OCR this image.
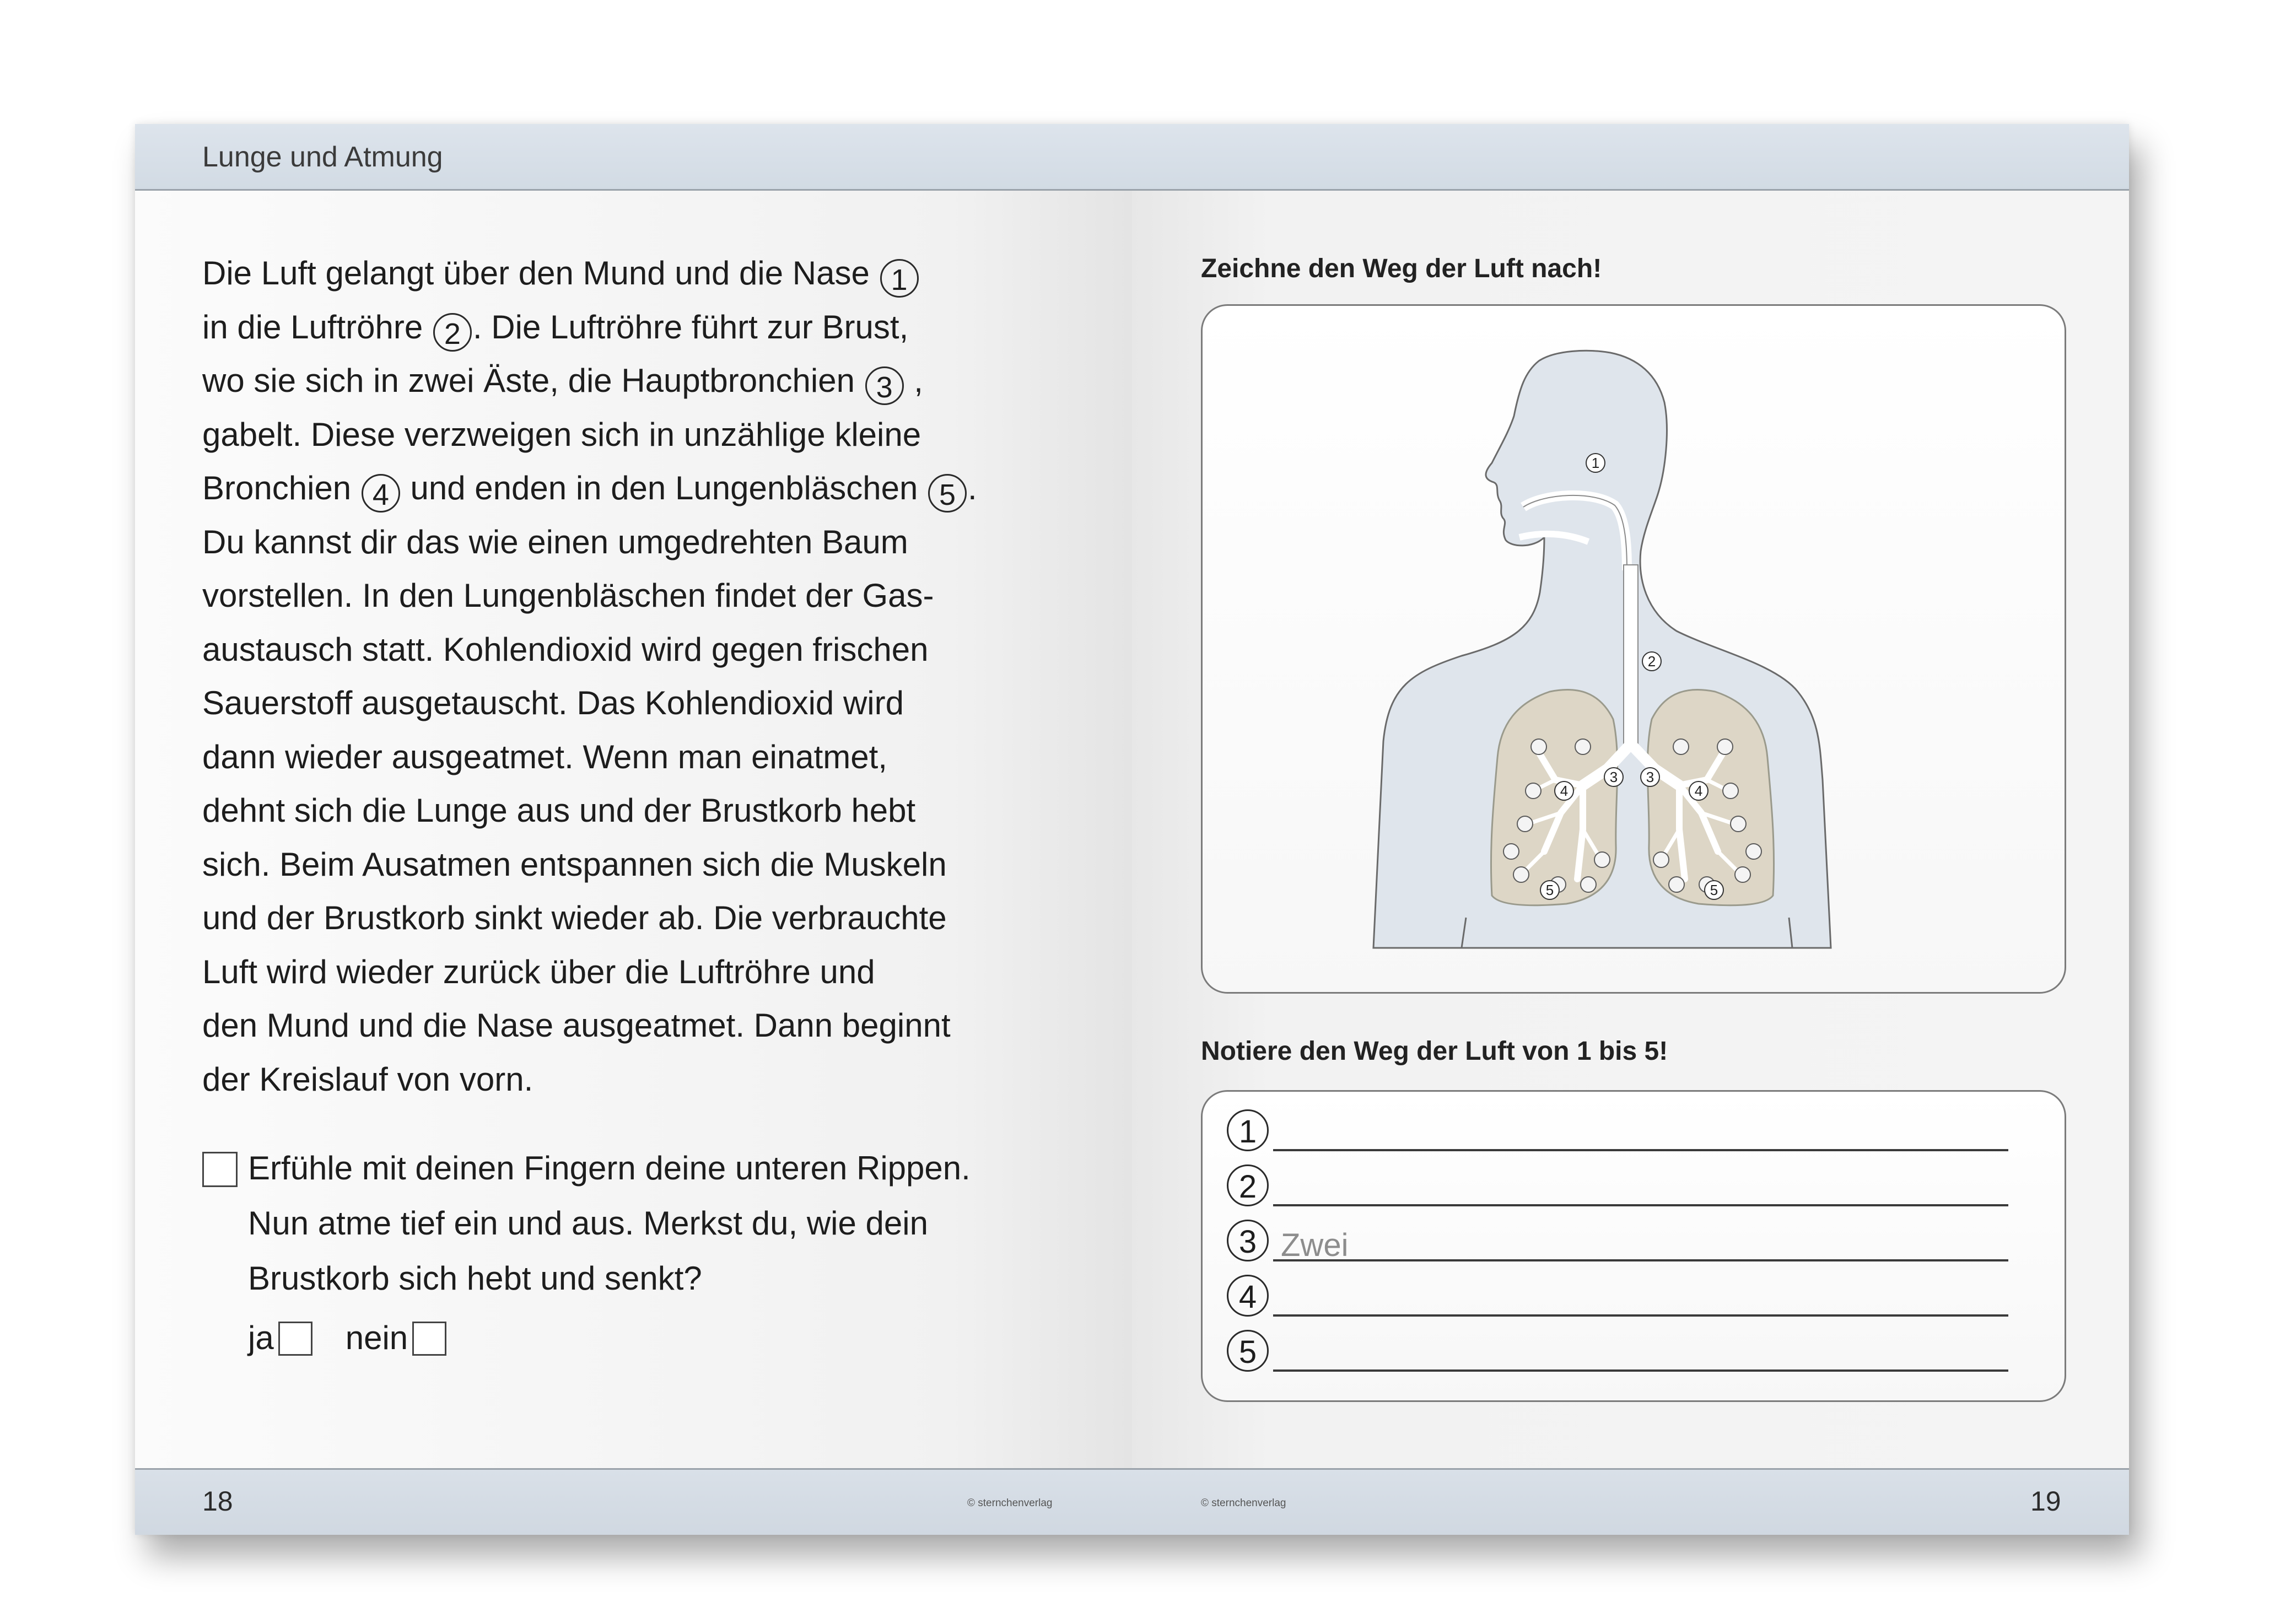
Lunge und Atmung

Die Luft gelangt über den Mund und die Nase 1

in die Luftröhre 2 . Die Luftröhre führt zur Brust,

wo sie sich in zwei Äste, die Hauptbronchien 3 ,

gabelt. Diese verzweigen sich in unzählige kleine

Bronchien 4 und enden in den Lungenbläschen 5 .

Du kannst dir das wie einen umgedrehten Baum

vorstellen. In den Lungenbläschen findet der Gas-

austausch statt. Kohlendioxid wird gegen frischen

Sauerstoff ausgetauscht. Das Kohlendioxid wird

dann wieder ausgeatmet. Wenn man einatmet,

dehnt sich die Lunge aus und der Brustkorb hebt

sich. Beim Ausatmen entspannen sich die Muskeln

und der Brustkorb sinkt wieder ab. Die verbrauchte

Luft wird wieder zurück über die Luftröhre und

den Mund und die Nase ausgeatmet. Dann beginnt

der Kreislauf von vorn.

Erfühle mit deinen Fingern deine unteren Rippen.

Nun atme tief ein und aus. Merkst du, wie dein

Brustkorb sich hebt und senkt?

ja nein
18	© sternchenverlag
Zeichne den Weg der Luft nach!
1
2
3 3
4	4
5	5
Notiere den Weg der Luft von 1 bis 5!
1
2
3 Zwei
4
5
© sternchenverlag	19
